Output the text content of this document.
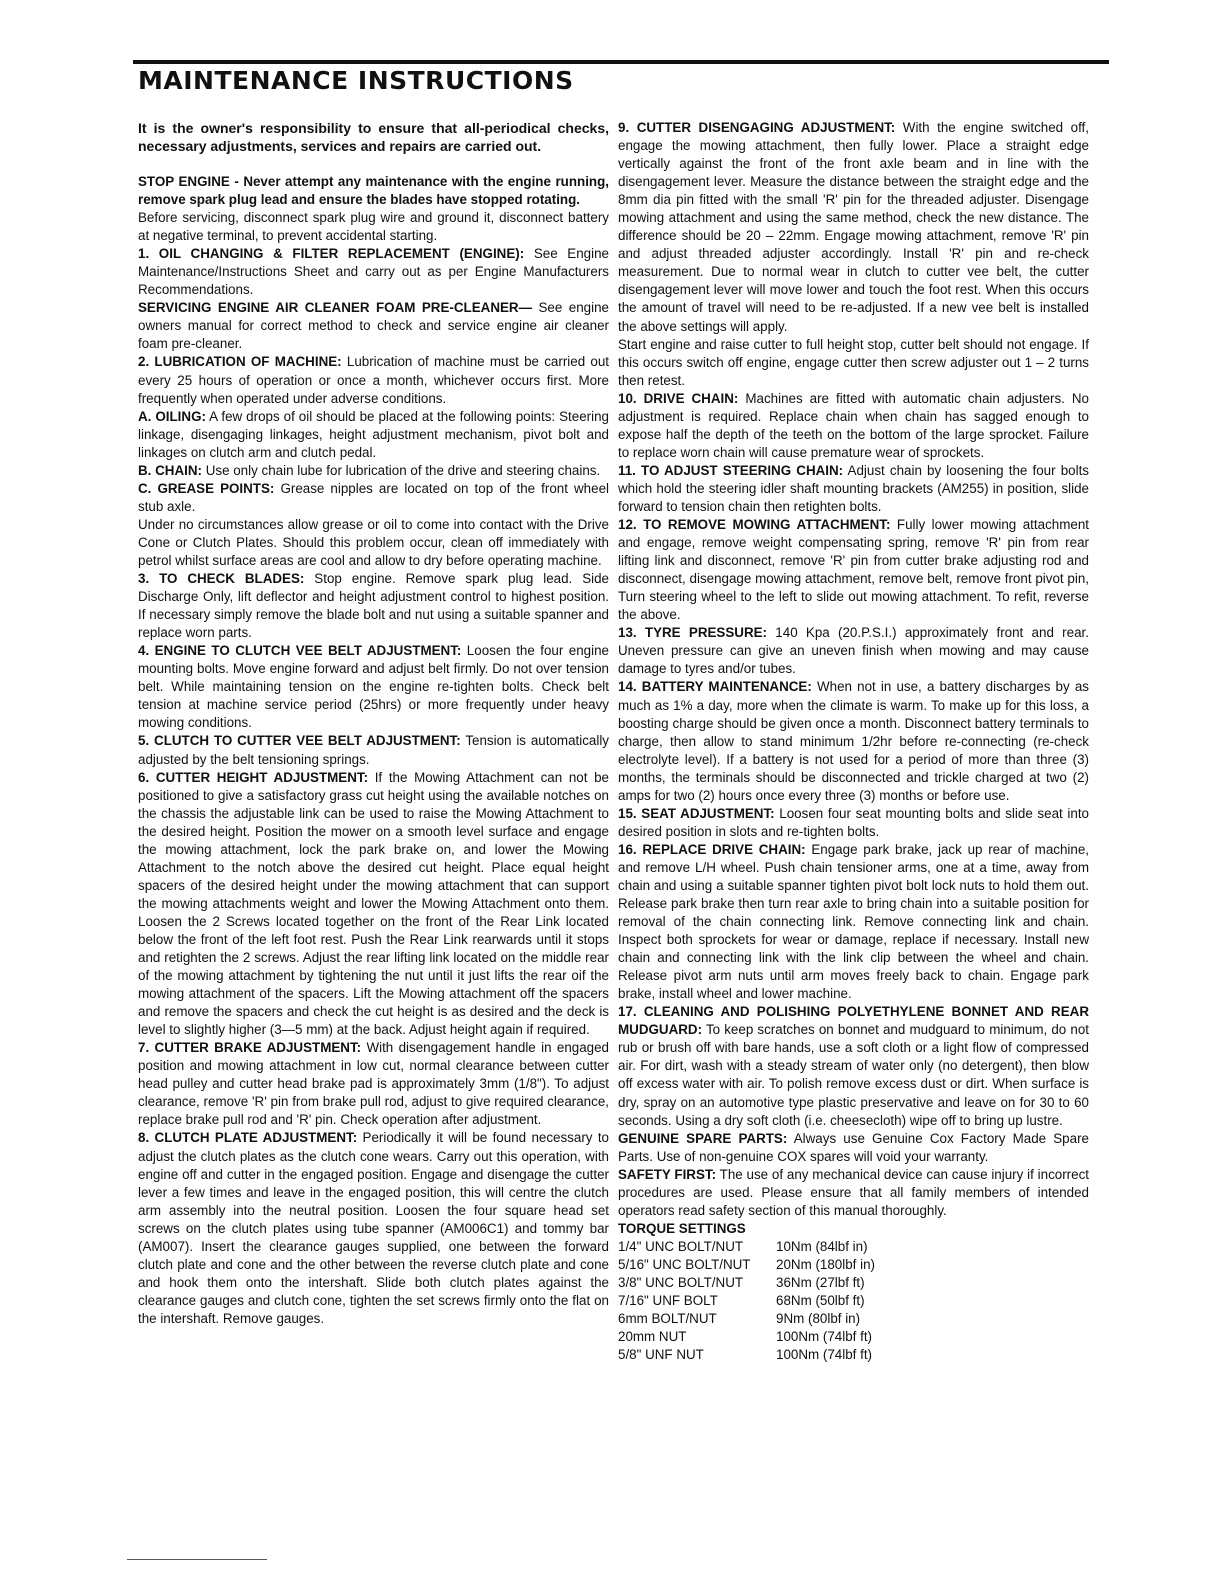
MAINTENANCE INSTRUCTIONS

It is the owner's responsibility to ensure that all-periodical checks, necessary adjustments, services and repairs are carried out.

STOP ENGINE - Never attempt any maintenance with the engine running, remove spark plug lead and ensure the blades have stopped rotating.

Before servicing, disconnect spark plug wire and ground it, disconnect battery at negative terminal, to prevent accidental starting.

1. OIL CHANGING & FILTER REPLACEMENT (ENGINE): See Engine Maintenance/Instructions Sheet and carry out as per Engine Manufacturers Recommendations.

SERVICING ENGINE AIR CLEANER FOAM PRE-CLEANER— See engine owners manual for correct method to check and service engine air cleaner foam pre-cleaner.

2. LUBRICATION OF MACHINE: Lubrication of machine must be carried out every 25 hours of operation or once a month, whichever occurs first. More frequently when operated under adverse conditions.

A. OILING: A few drops of oil should be placed at the following points: Steering linkage, disengaging linkages, height adjustment mechanism, pivot bolt and linkages on clutch arm and clutch pedal.

B. CHAIN: Use only chain lube for lubrication of the drive and steering chains.

C. GREASE POINTS: Grease nipples are located on top of the front wheel stub axle.

Under no circumstances allow grease or oil to come into contact with the Drive Cone or Clutch Plates. Should this problem occur, clean off immediately with petrol whilst surface areas are cool and allow to dry before operating machine.

3. TO CHECK BLADES: Stop engine. Remove spark plug lead. Side Discharge Only, lift deflector and height adjustment control to highest position. If necessary simply remove the blade bolt and nut using a suitable spanner and replace worn parts.

4. ENGINE TO CLUTCH VEE BELT ADJUSTMENT: Loosen the four engine mounting bolts. Move engine forward and adjust belt firmly. Do not over tension belt. While maintaining tension on the engine re-tighten bolts. Check belt tension at machine service period (25hrs) or more frequently under heavy mowing conditions.

5. CLUTCH TO CUTTER VEE BELT ADJUSTMENT: Tension is automatically adjusted by the belt tensioning springs.

6. CUTTER HEIGHT ADJUSTMENT: If the Mowing Attachment can not be positioned to give a satisfactory grass cut height using the available notches on the chassis the adjustable link can be used to raise the Mowing Attachment to the desired height. Position the mower on a smooth level surface and engage the mowing attachment, lock the park brake on, and lower the Mowing Attachment to the notch above the desired cut height. Place equal height spacers of the desired height under the mowing attachment that can support the mowing attachments weight and lower the Mowing Attachment onto them. Loosen the 2 Screws located together on the front of the Rear Link located below the front of the left foot rest. Push the Rear Link rearwards until it stops and retighten the 2 screws. Adjust the rear lifting link located on the middle rear of the mowing attachment by tightening the nut until it just lifts the rear oif the mowing attachment of the spacers. Lift the Mowing attachment off the spacers and remove the spacers and check the cut height is as desired and the deck is level to slightly higher (3—5 mm) at the back. Adjust height again if required.

7. CUTTER BRAKE ADJUSTMENT: With disengagement handle in engaged position and mowing attachment in low cut, normal clearance between cutter head pulley and cutter head brake pad is approximately 3mm (1/8"). To adjust clearance, remove 'R' pin from brake pull rod, adjust to give required clearance, replace brake pull rod and 'R' pin. Check operation after adjustment.

8. CLUTCH PLATE ADJUSTMENT: Periodically it will be found necessary to adjust the clutch plates as the clutch cone wears. Carry out this operation, with engine off and cutter in the engaged position. Engage and disengage the cutter lever a few times and leave in the engaged position, this will centre the clutch arm assembly into the neutral position. Loosen the four square head set screws on the clutch plates using tube spanner (AM006C1) and tommy bar (AM007). Insert the clearance gauges supplied, one between the forward clutch plate and cone and the other between the reverse clutch plate and cone and hook them onto the intershaft. Slide both clutch plates against the clearance gauges and clutch cone, tighten the set screws firmly onto the flat on the intershaft. Remove gauges.

9. CUTTER DISENGAGING ADJUSTMENT: With the engine switched off, engage the mowing attachment, then fully lower. Place a straight edge vertically against the front of the front axle beam and in line with the disengagement lever. Measure the distance between the straight edge and the 8mm dia pin fitted with the small 'R' pin for the threaded adjuster. Disengage mowing attachment and using the same method, check the new distance. The difference should be 20 – 22mm. Engage mowing attachment, remove 'R' pin and adjust threaded adjuster accordingly. Install 'R' pin and re-check measurement. Due to normal wear in clutch to cutter vee belt, the cutter disengagement lever will move lower and touch the foot rest. When this occurs the amount of travel will need to be re-adjusted. If a new vee belt is installed the above settings will apply.

Start engine and raise cutter to full height stop, cutter belt should not engage. If this occurs switch off engine, engage cutter then screw adjuster out 1 – 2 turns then retest.

10. DRIVE CHAIN: Machines are fitted with automatic chain adjusters. No adjustment is required. Replace chain when chain has sagged enough to expose half the depth of the teeth on the bottom of the large sprocket. Failure to replace worn chain will cause premature wear of sprockets.

11. TO ADJUST STEERING CHAIN: Adjust chain by loosening the four bolts which hold the steering idler shaft mounting brackets (AM255) in position, slide forward to tension chain then retighten bolts.

12. TO REMOVE MOWING ATTACHMENT: Fully lower mowing attachment and engage, remove weight compensating spring, remove 'R' pin from rear lifting link and disconnect, remove 'R' pin from cutter brake adjusting rod and disconnect, disengage mowing attachment, remove belt, remove front pivot pin, Turn steering wheel to the left to slide out mowing attachment. To refit, reverse the above.

13. TYRE PRESSURE: 140 Kpa (20.P.S.I.) approximately front and rear. Uneven pressure can give an uneven finish when mowing and may cause damage to tyres and/or tubes.

14. BATTERY MAINTENANCE: When not in use, a battery discharges by as much as 1% a day, more when the climate is warm. To make up for this loss, a boosting charge should be given once a month. Disconnect battery terminals to charge, then allow to stand minimum 1/2hr before re-connecting (re-check electrolyte level). If a battery is not used for a period of more than three (3) months, the terminals should be disconnected and trickle charged at two (2) amps for two (2) hours once every three (3) months or before use.

15. SEAT ADJUSTMENT: Loosen four seat mounting bolts and slide seat into desired position in slots and re-tighten bolts.

16. REPLACE DRIVE CHAIN: Engage park brake, jack up rear of machine, and remove L/H wheel. Push chain tensioner arms, one at a time, away from chain and using a suitable spanner tighten pivot bolt lock nuts to hold them out. Release park brake then turn rear axle to bring chain into a suitable position for removal of the chain connecting link. Remove connecting link and chain. Inspect both sprockets for wear or damage, replace if necessary. Install new chain and connecting link with the link clip between the wheel and chain. Release pivot arm nuts until arm moves freely back to chain. Engage park brake, install wheel and lower machine.

17. CLEANING AND POLISHING POLYETHYLENE BONNET AND REAR MUDGUARD: To keep scratches on bonnet and mudguard to minimum, do not rub or brush off with bare hands, use a soft cloth or a light flow of compressed air. For dirt, wash with a steady stream of water only (no detergent), then blow off excess water with air. To polish remove excess dust or dirt. When surface is dry, spray on an automotive type plastic preservative and leave on for 30 to 60 seconds. Using a dry soft cloth (i.e. cheesecloth) wipe off to bring up lustre.

GENUINE SPARE PARTS: Always use Genuine Cox Factory Made Spare Parts. Use of non-genuine COX spares will void your warranty.

SAFETY FIRST: The use of any mechanical device can cause injury if incorrect procedures are used. Please ensure that all family members of intended operators read safety section of this manual thoroughly.

TORQUE SETTINGS

1/4" UNC BOLT/NUT	10Nm (84lbf in)
5/16" UNC BOLT/NUT	20Nm (180lbf in)
3/8" UNC BOLT/NUT	36Nm (27lbf ft)
7/16" UNF BOLT	68Nm (50lbf ft)
6mm BOLT/NUT	9Nm (80lbf in)
20mm NUT	100Nm (74lbf ft)
5/8" UNF NUT	100Nm (74lbf ft)
